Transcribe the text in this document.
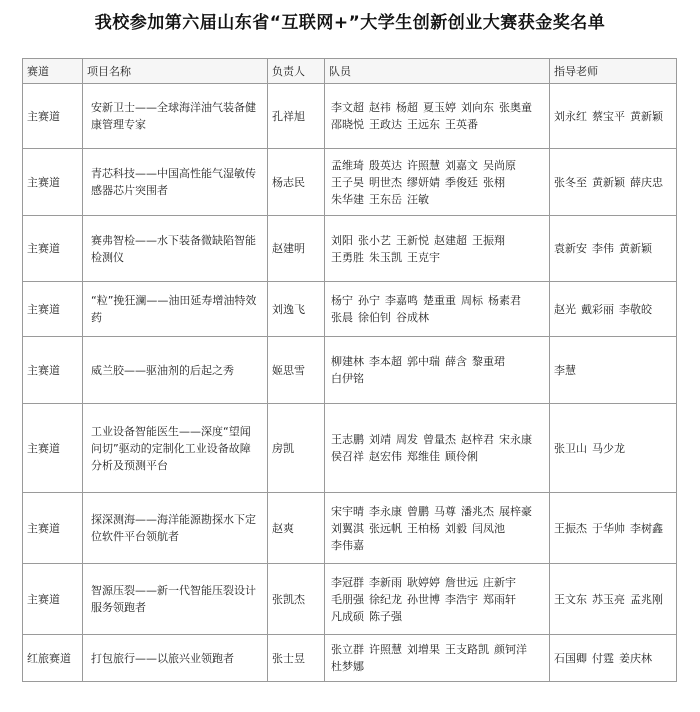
我校参加第六届山东省“互联网+”大学生创新创业大赛获金奖名单
赛道	项目名称	负责人	队员	指导老师
主赛道	安新卫士——全球海洋油气装备健康管理专家	孔祥旭	李文超 赵祎 杨超 夏玉婷 刘向东 张奥童邵晓悦 王政达 王远东 王英番	刘永红 蔡宝平 黄新颖
主赛道	青芯科技——中国高性能气湿敏传感器芯片突围者	杨志民	孟维琦 殷英达 许照慧 刘嘉文 吴尚原王子昊 明世杰 缪妍婧 季俊廷 张栩朱华建 王东岳 汪敏	张冬至 黄新颖 薛庆忠
主赛道	赛弗智检——水下装备微缺陷智能检测仪	赵建明	刘阳 张小艺 王新悦 赵建超 王振翔王勇胜 朱玉凯 王克宇	袁新安 李伟 黄新颖
主赛道	“粒”挽狂澜——油田延寿增油特效药	刘逸飞	杨宁 孙宁 李嘉鸣 楚重重 周标 杨素君张晨 徐伯钊 谷成林	赵光 戴彩丽 李敬皎
主赛道	威兰胶——驱油剂的后起之秀	姬思雪	柳建林 李本超 郭中瑞 薛含 黎重珺白伊铭	李慧
主赛道	工业设备智能医生——深度“望闻问切”驱动的定制化工业设备故障分析及预测平台	房凯	王志鹏 刘靖 周发 曾量杰 赵梓君 宋永康侯召祥 赵宏伟 郑维佳 顾伶俐	张卫山 马少龙
主赛道	探深测海——海洋能源勘探水下定位软件平台领航者	赵爽	宋宇晴 李永康 曾鹏 马尊 潘兆杰 展梓豪刘翼淇 张远帆 王柏杨 刘毅 闫凤池李伟嘉	王振杰 于华帅 李树鑫
主赛道	智源压裂——新一代智能压裂设计服务领跑者	张凯杰	李冠群 李新雨 耿婷婷 詹世远 庄新宇毛朋强 徐纪龙 孙世博 李浩宇 郑雨轩凡成硕 陈子强	王文东 苏玉亮 孟兆刚
红旅赛道	打包旅行——以旅兴业领跑者	张士昱	张立群 许照慧 刘增果 王支路凯 颜钶洋杜梦娜	石国卿 付霆 姜庆林
